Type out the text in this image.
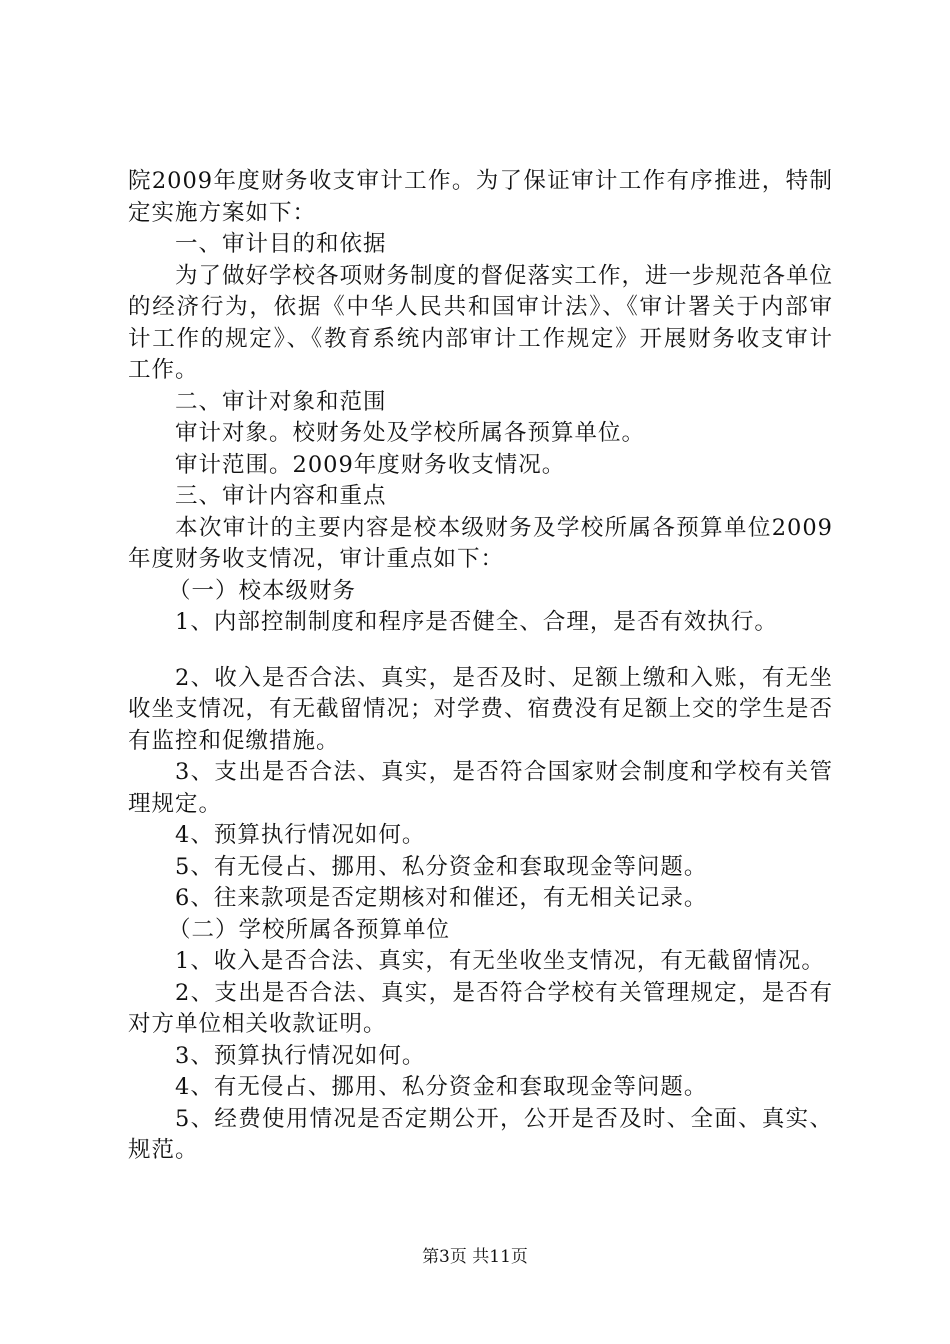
院2009年度财务收支审计工作。为了保证审计工作有序推进，特制定实施方案如下：

一、审计目的和依据

为了做好学校各项财务制度的督促落实工作，进一步规范各单位的经济行为，依据《中华人民共和国审计法》、《审计署关于内部审计工作的规定》、《教育系统内部审计工作规定》开展财务收支审计工作。

二、审计对象和范围

审计对象。校财务处及学校所属各预算单位。

审计范围。2009年度财务收支情况。

三、审计内容和重点

本次审计的主要内容是校本级财务及学校所属各预算单位2009年度财务收支情况，审计重点如下：

（一）校本级财务

1、内部控制制度和程序是否健全、合理，是否有效执行。

2、收入是否合法、真实，是否及时、足额上缴和入账，有无坐收坐支情况，有无截留情况；对学费、宿费没有足额上交的学生是否有监控和促缴措施。

3、支出是否合法、真实，是否符合国家财会制度和学校有关管理规定。

4、预算执行情况如何。

5、有无侵占、挪用、私分资金和套取现金等问题。

6、往来款项是否定期核对和催还，有无相关记录。

（二）学校所属各预算单位

1、收入是否合法、真实，有无坐收坐支情况，有无截留情况。

2、支出是否合法、真实，是否符合学校有关管理规定，是否有对方单位相关收款证明。

3、预算执行情况如何。

4、有无侵占、挪用、私分资金和套取现金等问题。

5、经费使用情况是否定期公开，公开是否及时、全面、真实、规范。

第3页 共11页
